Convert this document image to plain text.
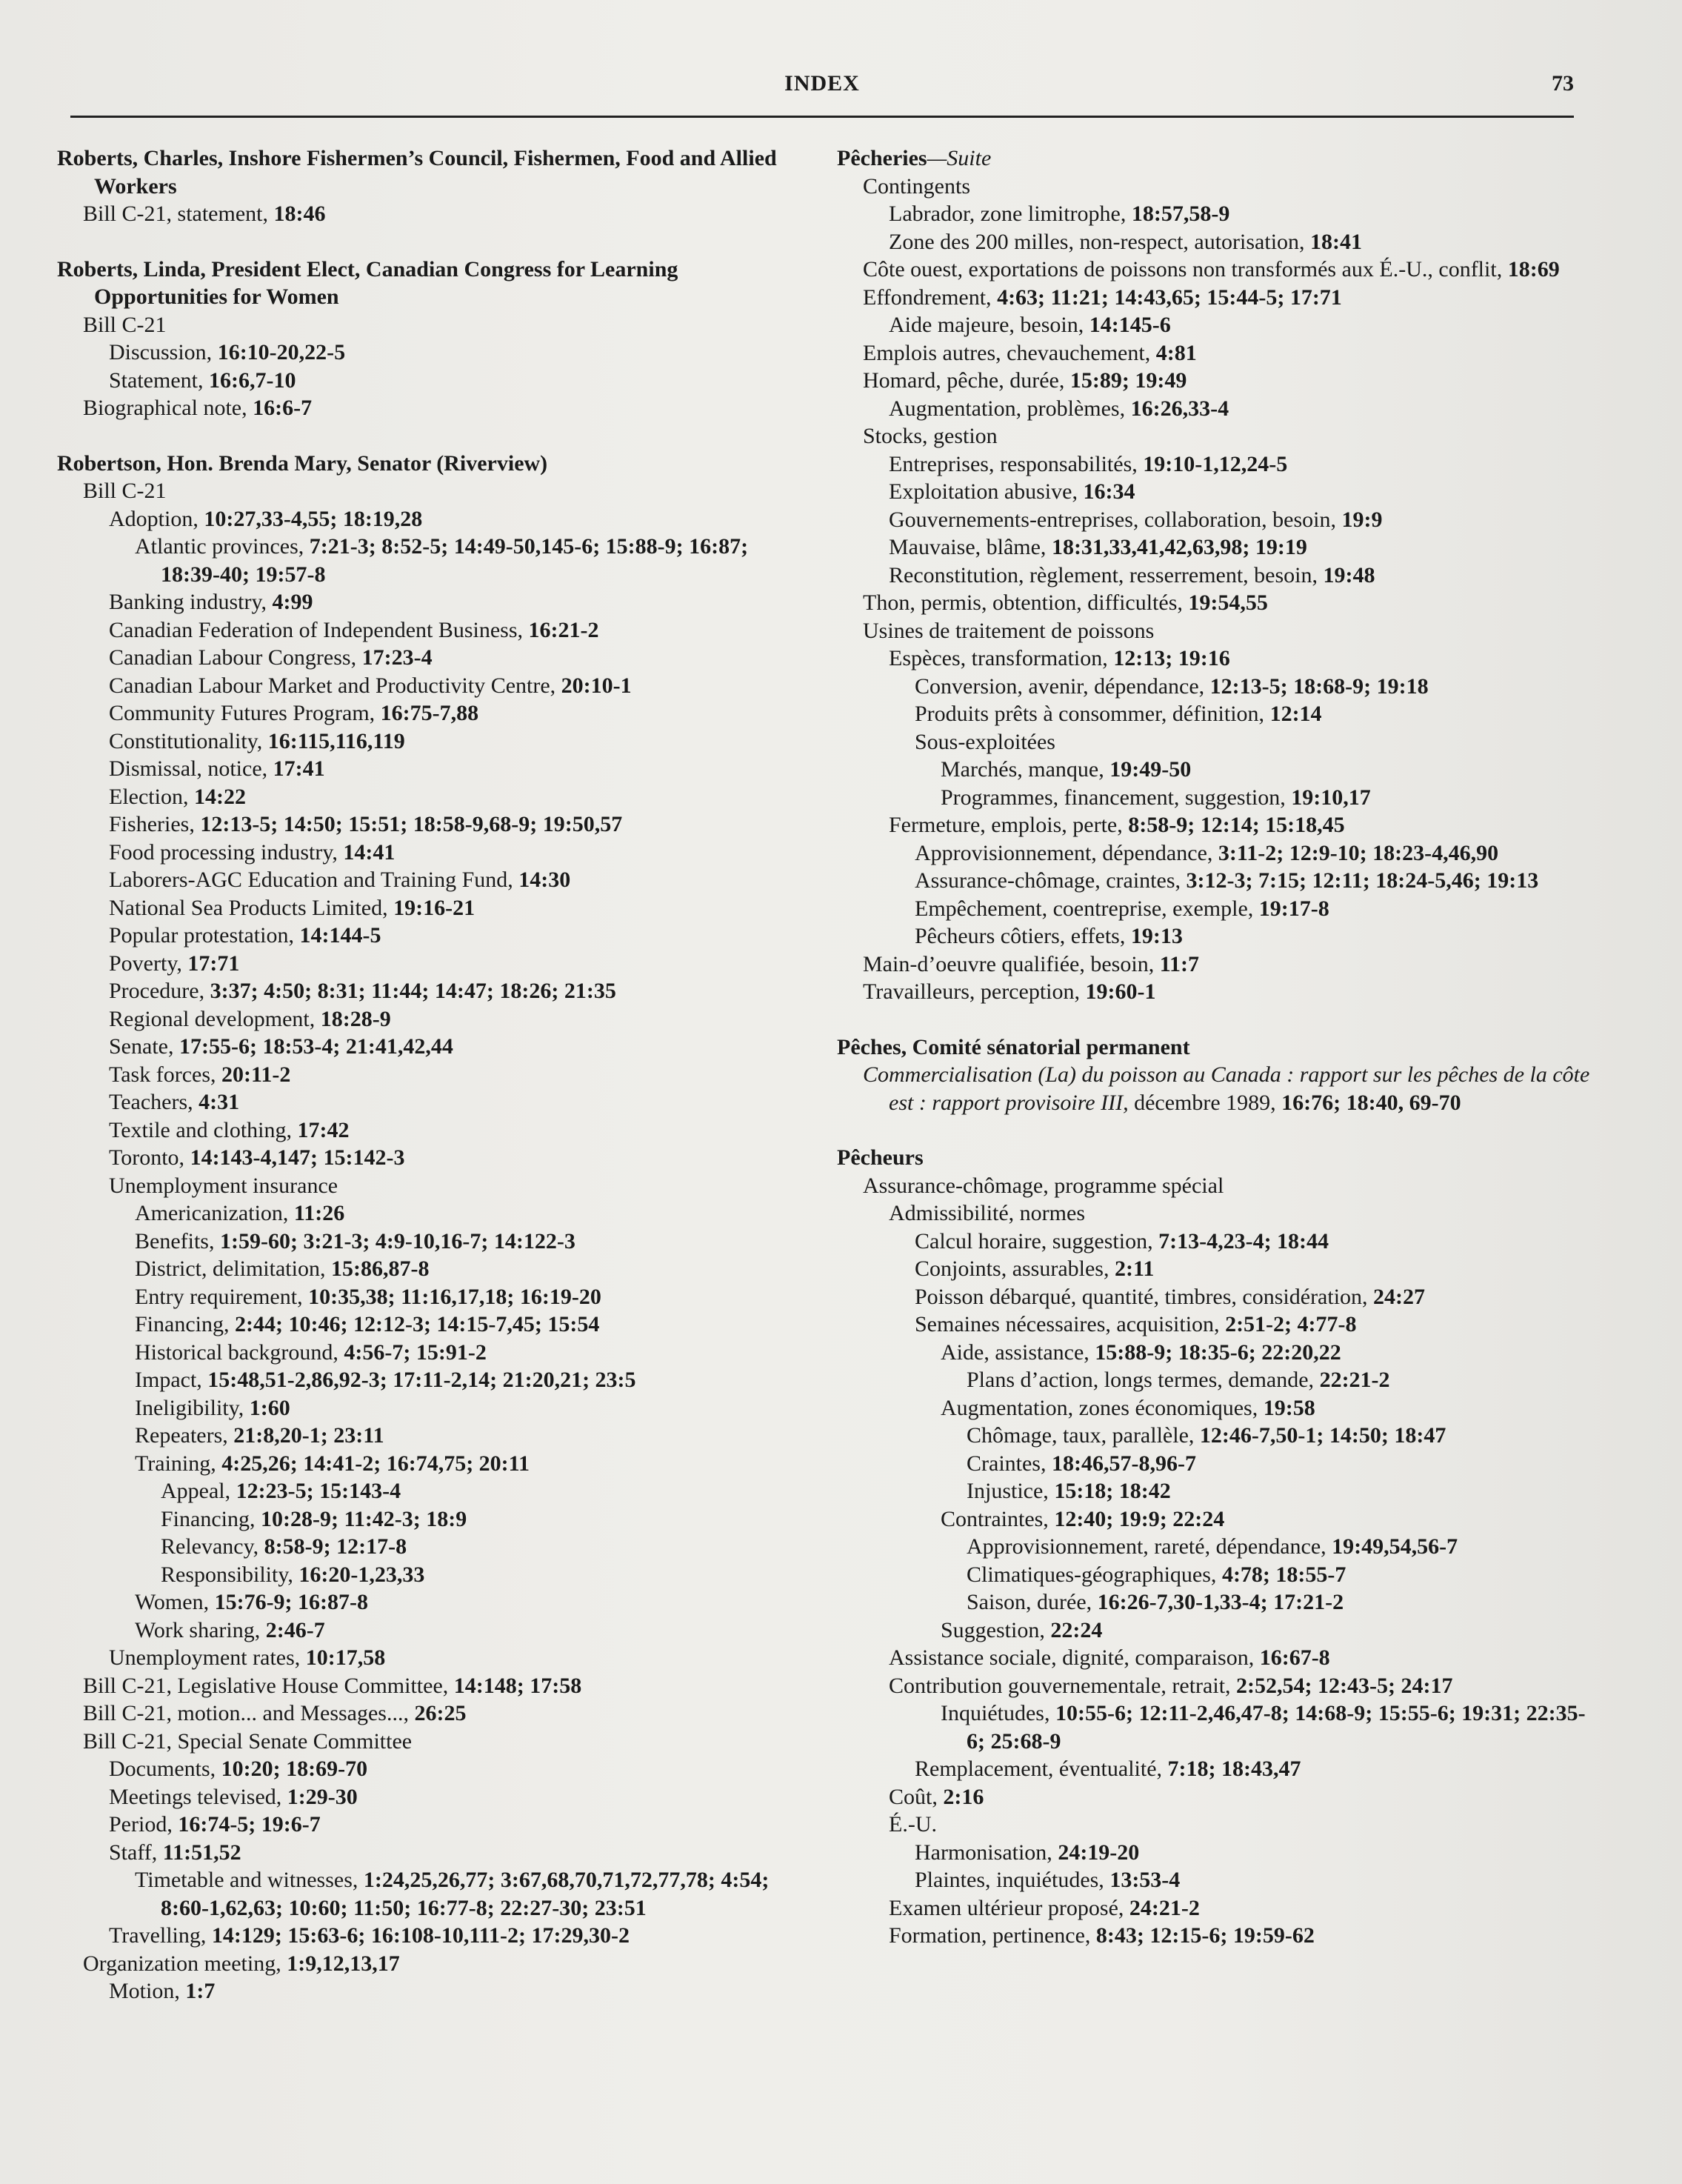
INDEX	73
Roberts, Charles, Inshore Fishermen’s Council, Fishermen, Food and Allied Workers
Bill C-21, statement, 18:46
Roberts, Linda, President Elect, Canadian Congress for Learning Opportunities for Women
Bill C-21
Discussion, 16:10-20,22-5
Statement, 16:6,7-10
Biographical note, 16:6-7
Robertson, Hon. Brenda Mary, Senator (Riverview)
Bill C-21
Adoption, 10:27,33-4,55; 18:19,28
Atlantic provinces, 7:21-3; 8:52-5; 14:49-50,145-6; 15:88-9; 16:87; 18:39-40; 19:57-8
Banking industry, 4:99
Canadian Federation of Independent Business, 16:21-2
Canadian Labour Congress, 17:23-4
Canadian Labour Market and Productivity Centre, 20:10-1
Community Futures Program, 16:75-7,88
Constitutionality, 16:115,116,119
Dismissal, notice, 17:41
Election, 14:22
Fisheries, 12:13-5; 14:50; 15:51; 18:58-9,68-9; 19:50,57
Food processing industry, 14:41
Laborers-AGC Education and Training Fund, 14:30
National Sea Products Limited, 19:16-21
Popular protestation, 14:144-5
Poverty, 17:71
Procedure, 3:37; 4:50; 8:31; 11:44; 14:47; 18:26; 21:35
Regional development, 18:28-9
Senate, 17:55-6; 18:53-4; 21:41,42,44
Task forces, 20:11-2
Teachers, 4:31
Textile and clothing, 17:42
Toronto, 14:143-4,147; 15:142-3
Unemployment insurance
Americanization, 11:26
Benefits, 1:59-60; 3:21-3; 4:9-10,16-7; 14:122-3
District, delimitation, 15:86,87-8
Entry requirement, 10:35,38; 11:16,17,18; 16:19-20
Financing, 2:44; 10:46; 12:12-3; 14:15-7,45; 15:54
Historical background, 4:56-7; 15:91-2
Impact, 15:48,51-2,86,92-3; 17:11-2,14; 21:20,21; 23:5
Ineligibility, 1:60
Repeaters, 21:8,20-1; 23:11
Training, 4:25,26; 14:41-2; 16:74,75; 20:11
Appeal, 12:23-5; 15:143-4
Financing, 10:28-9; 11:42-3; 18:9
Relevancy, 8:58-9; 12:17-8
Responsibility, 16:20-1,23,33
Women, 15:76-9; 16:87-8
Work sharing, 2:46-7
Unemployment rates, 10:17,58
Bill C-21, Legislative House Committee, 14:148; 17:58
Bill C-21, motion... and Messages..., 26:25
Bill C-21, Special Senate Committee
Documents, 10:20; 18:69-70
Meetings televised, 1:29-30
Period, 16:74-5; 19:6-7
Staff, 11:51,52
Timetable and witnesses, 1:24,25,26,77; 3:67,68,70,71,72,77,78; 4:54; 8:60-1,62,63; 10:60; 11:50; 16:77-8; 22:27-30; 23:51
Travelling, 14:129; 15:63-6; 16:108-10,111-2; 17:29,30-2
Organization meeting, 1:9,12,13,17
Motion, 1:7
Pêcheries—Suite
Contingents
Labrador, zone limitrophe, 18:57,58-9
Zone des 200 milles, non-respect, autorisation, 18:41
Côte ouest, exportations de poissons non transformés aux É.-U., conflit, 18:69
Effondrement, 4:63; 11:21; 14:43,65; 15:44-5; 17:71
Aide majeure, besoin, 14:145-6
Emplois autres, chevauchement, 4:81
Homard, pêche, durée, 15:89; 19:49
Augmentation, problèmes, 16:26,33-4
Stocks, gestion
Entreprises, responsabilités, 19:10-1,12,24-5
Exploitation abusive, 16:34
Gouvernements-entreprises, collaboration, besoin, 19:9
Mauvaise, blâme, 18:31,33,41,42,63,98; 19:19
Reconstitution, règlement, resserrement, besoin, 19:48
Thon, permis, obtention, difficultés, 19:54,55
Usines de traitement de poissons
Espèces, transformation, 12:13; 19:16
Conversion, avenir, dépendance, 12:13-5; 18:68-9; 19:18
Produits prêts à consommer, définition, 12:14
Sous-exploitées
Marchés, manque, 19:49-50
Programmes, financement, suggestion, 19:10,17
Fermeture, emplois, perte, 8:58-9; 12:14; 15:18,45
Approvisionnement, dépendance, 3:11-2; 12:9-10; 18:23-4,46,90
Assurance-chômage, craintes, 3:12-3; 7:15; 12:11; 18:24-5,46; 19:13
Empêchement, coentreprise, exemple, 19:17-8
Pêcheurs côtiers, effets, 19:13
Main-d’oeuvre qualifiée, besoin, 11:7
Travailleurs, perception, 19:60-1
Pêches, Comité sénatorial permanent
Commercialisation (La) du poisson au Canada : rapport sur les pêches de la côte est : rapport provisoire III, décembre 1989, 16:76; 18:40, 69-70
Pêcheurs
Assurance-chômage, programme spécial
Admissibilité, normes
Calcul horaire, suggestion, 7:13-4,23-4; 18:44
Conjoints, assurables, 2:11
Poisson débarqué, quantité, timbres, considération, 24:27
Semaines nécessaires, acquisition, 2:51-2; 4:77-8
Aide, assistance, 15:88-9; 18:35-6; 22:20,22
Plans d’action, longs termes, demande, 22:21-2
Augmentation, zones économiques, 19:58
Chômage, taux, parallèle, 12:46-7,50-1; 14:50; 18:47
Craintes, 18:46,57-8,96-7
Injustice, 15:18; 18:42
Contraintes, 12:40; 19:9; 22:24
Approvisionnement, rareté, dépendance, 19:49,54,56-7
Climatiques-géographiques, 4:78; 18:55-7
Saison, durée, 16:26-7,30-1,33-4; 17:21-2
Suggestion, 22:24
Assistance sociale, dignité, comparaison, 16:67-8
Contribution gouvernementale, retrait, 2:52,54; 12:43-5; 24:17
Inquiétudes, 10:55-6; 12:11-2,46,47-8; 14:68-9; 15:55-6; 19:31; 22:35-6; 25:68-9
Remplacement, éventualité, 7:18; 18:43,47
Coût, 2:16
É.-U.
Harmonisation, 24:19-20
Plaintes, inquiétudes, 13:53-4
Examen ultérieur proposé, 24:21-2
Formation, pertinence, 8:43; 12:15-6; 19:59-62
